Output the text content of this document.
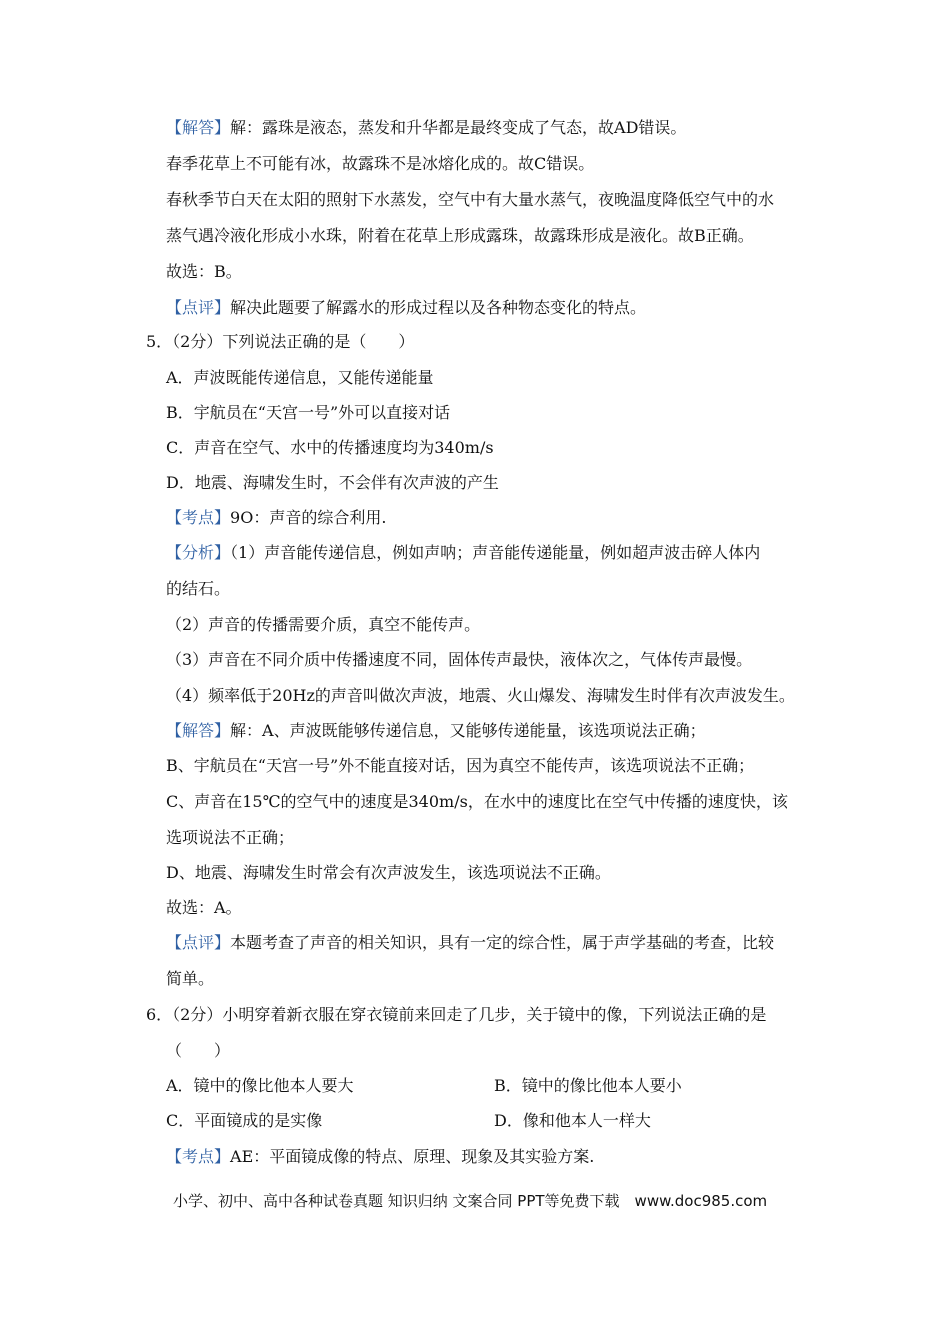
【解答】解：露珠是液态，蒸发和升华都是最终变成了气态，故AD错误。
春季花草上不可能有冰，故露珠不是冰熔化成的。故C错误。
春秋季节白天在太阳的照射下水蒸发，空气中有大量水蒸气，夜晚温度降低空气中的水
蒸气遇冷液化形成小水珠，附着在花草上形成露珠，故露珠形成是液化。故B正确。
故选：B。
【点评】解决此题要了解露水的形成过程以及各种物态变化的特点。
5．（2分）下列说法正确的是（　　）
A．声波既能传递信息，又能传递能量
B．宇航员在“天宫一号”外可以直接对话
C．声音在空气、水中的传播速度均为340m/s
D．地震、海啸发生时，不会伴有次声波的产生
【考点】9O：声音的综合利用.
【分析】（1）声音能传递信息，例如声呐；声音能传递能量，例如超声波击碎人体内
的结石。
（2）声音的传播需要介质，真空不能传声。
（3）声音在不同介质中传播速度不同，固体传声最快，液体次之，气体传声最慢。
（4）频率低于20Hz的声音叫做次声波，地震、火山爆发、海啸发生时伴有次声波发生。
【解答】解：A、声波既能够传递信息，又能够传递能量，该选项说法正确；
B、宇航员在“天宫一号”外不能直接对话，因为真空不能传声，该选项说法不正确；
C、声音在15℃的空气中的速度是340m/s，在水中的速度比在空气中传播的速度快，该
选项说法不正确；
D、地震、海啸发生时常会有次声波发生，该选项说法不正确。
故选：A。
【点评】本题考查了声音的相关知识，具有一定的综合性，属于声学基础的考查，比较
简单。
6．（2分）小明穿着新衣服在穿衣镜前来回走了几步，关于镜中的像，下列说法正确的是
（　　）
A．镜中的像比他本人要大	B．镜中的像比他本人要小
C．平面镜成的是实像	D．像和他本人一样大
【考点】AE：平面镜成像的特点、原理、现象及其实验方案.
小学、初中、高中各种试卷真题 知识归纳 文案合同 PPT等免费下载　www.doc985.com
